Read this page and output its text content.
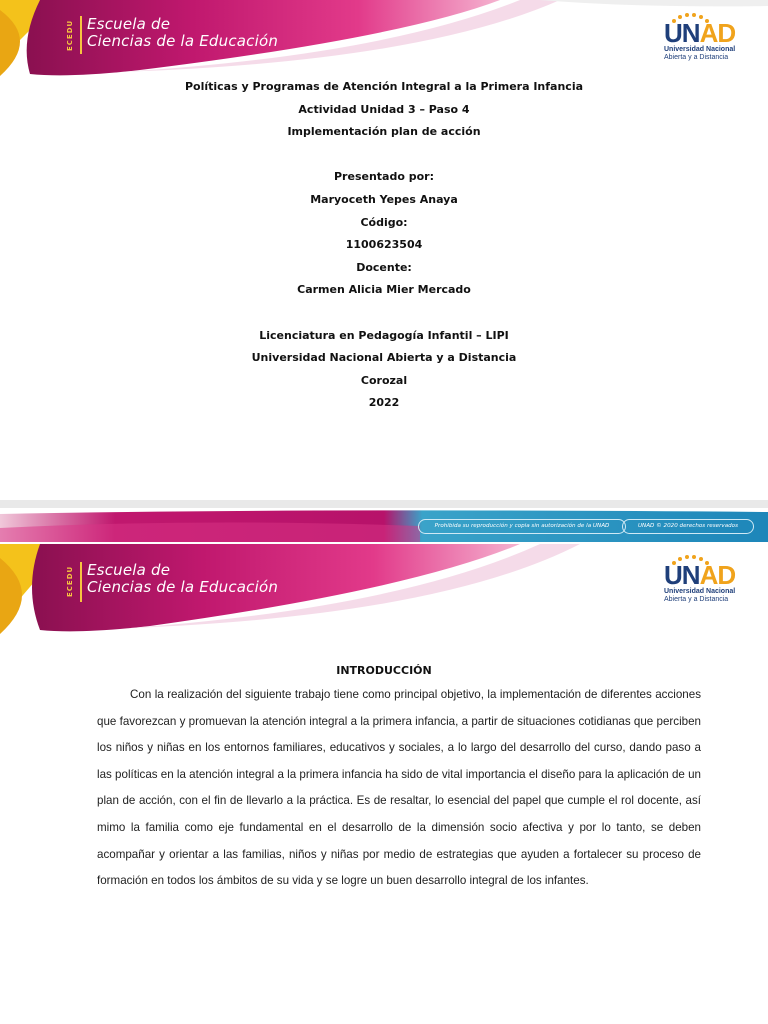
ECEDU Escuela de
Ciencias de la Educación	UNAD
Universidad Nacional
Abierta y a Distancia
Políticas y Programas de Atención Integral a la Primera Infancia
Actividad Unidad 3 – Paso 4
Implementación plan de acción
Presentado por:
Maryoceth Yepes Anaya
Código:
1100623504
Docente:
Carmen Alicia Mier Mercado
Licenciatura en Pedagogía Infantil – LIPI
Universidad Nacional Abierta y a Distancia
Corozal
2022
Prohibida su reproducción y copia sin autorización de la UNAD	UNAD © 2020 derechos reservados
ECEDU Escuela de
Ciencias de la Educación	UNAD
Universidad Nacional
Abierta y a Distancia
INTRODUCCIÓN
Con la realización del siguiente trabajo tiene como principal objetivo, la implementación de diferentes acciones que favorezcan y promuevan la atención integral a la primera infancia, a partir de situaciones cotidianas que perciben los niños y niñas en los entornos familiares, educativos y sociales, a lo largo del desarrollo del curso, dando paso a las políticas en la atención integral a la primera infancia ha sido de vital importancia el diseño para la aplicación de un plan de acción, con el fin de llevarlo a la práctica. Es de resaltar, lo esencial del papel que cumple el rol docente, así mimo la familia como eje fundamental en el desarrollo de la dimensión socio afectiva y por lo tanto, se deben acompañar y orientar a las familias, niños y niñas por medio de estrategias que ayuden a fortalecer su proceso de formación en todos los ámbitos de su vida y se logre un buen desarrollo integral de los infantes.
